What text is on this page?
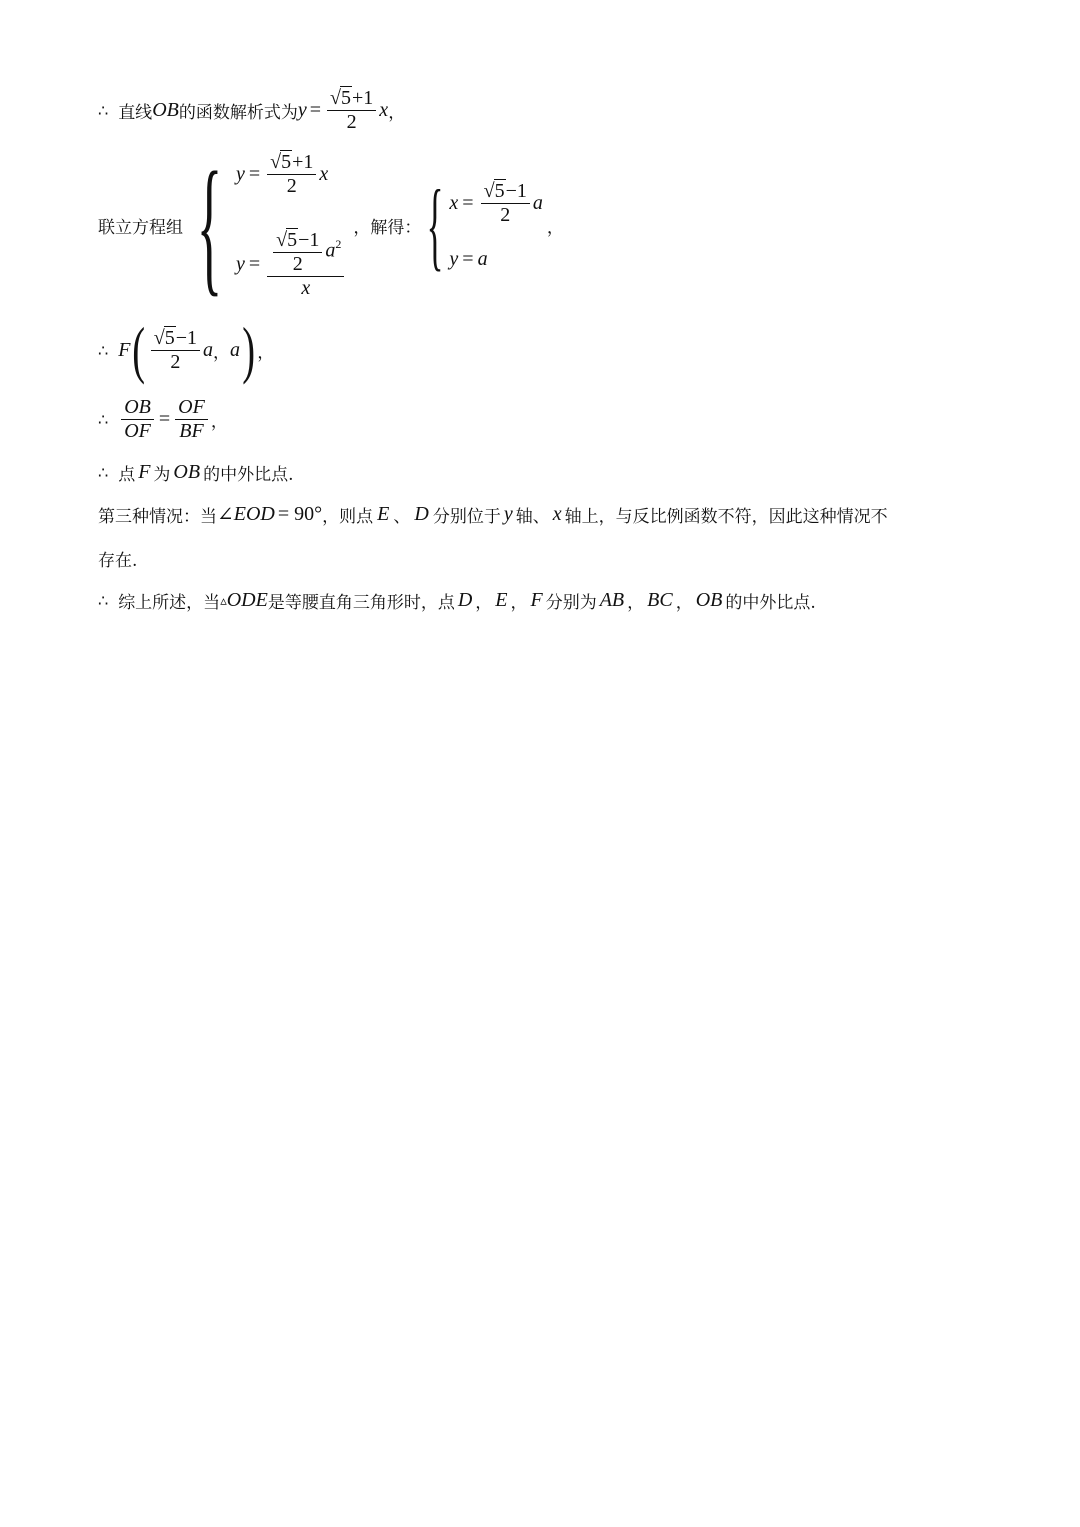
∴ 直线 OB 的函数解析式为 $y = \frac{√ 5 +1}{2}$ x ，
联立方程组 { $y = \frac{√ 5 +1}{2}$ x
$y = \frac{√ 5 -1}{2} a^2$
x
，解得： { $x = \frac{√ 5 -1}{2}$ a
y = a
，
∴ F ( $\frac{√ 5 -1}{2}$ a ， a ) ，
∴ $\frac{OB}{OF} = \frac{OF}{BF}$ ，
∴ 点 F 为 OB 的中外比点.
第三种情况：当 ∠ EOD = 90° ，则点 E 、 D 分别位于 y 轴、 x 轴上，与反比例函数不符，因此这种情况不
存在.
∴ 综上所述，当 ▵ ODE 是等腰直角三角形时，点 D ， E ， F 分别为 AB ， BC ， OB 的中外比点.
